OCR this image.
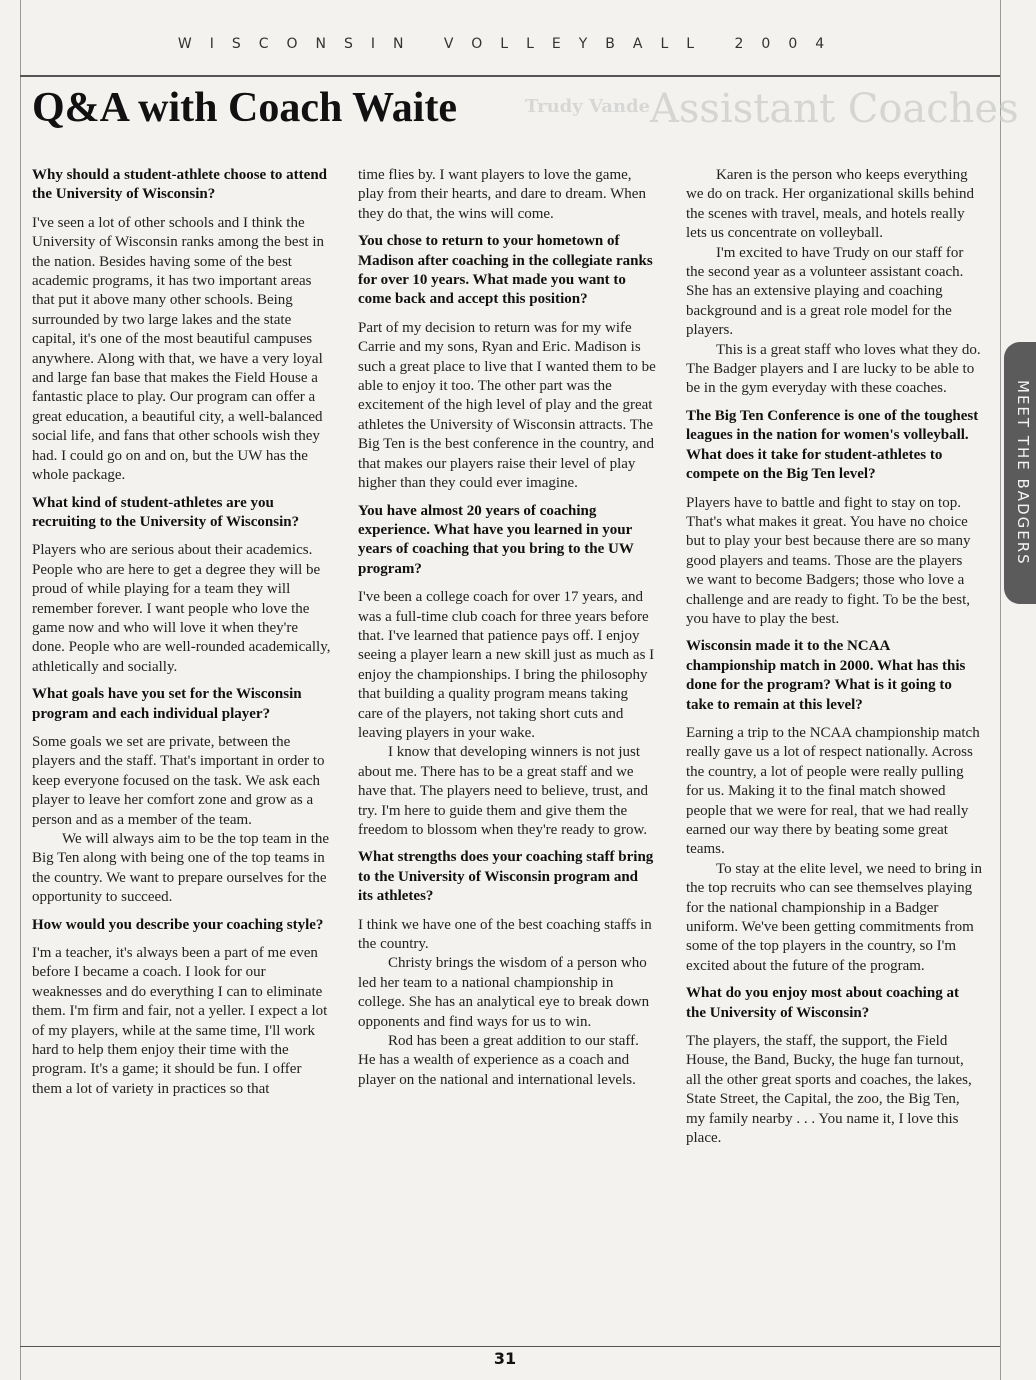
WISCONSIN VOLLEYBALL 2004
Trudy Vande Assistant Coaches
Q&A with Coach Waite

Why should a student-athlete choose to attend the University of Wisconsin?

I've seen a lot of other schools and I think the University of Wisconsin ranks among the best in the nation. Besides having some of the best academic programs, it has two important areas that put it above many other schools. Being surrounded by two large lakes and the state capital, it's one of the most beautiful campuses anywhere. Along with that, we have a very loyal and large fan base that makes the Field House a fantastic place to play. Our program can offer a great education, a beautiful city, a well-balanced social life, and fans that other schools wish they had. I could go on and on, but the UW has the whole package.

What kind of student-athletes are you recruiting to the University of Wisconsin?

Players who are serious about their academics. People who are here to get a degree they will be proud of while playing for a team they will remember forever. I want people who love the game now and who will love it when they're done. People who are well-rounded academically, athletically and socially.

What goals have you set for the Wisconsin program and each individual player?

Some goals we set are private, between the players and the staff. That's important in order to keep everyone focused on the task. We ask each player to leave her comfort zone and grow as a person and as a member of the team.

We will always aim to be the top team in the Big Ten along with being one of the top teams in the country. We want to prepare ourselves for the opportunity to succeed.

How would you describe your coaching style?

I'm a teacher, it's always been a part of me even before I became a coach. I look for our weaknesses and do everything I can to eliminate them. I'm firm and fair, not a yeller. I expect a lot of my players, while at the same time, I'll work hard to help them enjoy their time with the program. It's a game; it should be fun. I offer them a lot of variety in practices so that

time flies by. I want players to love the game, play from their hearts, and dare to dream. When they do that, the wins will come.

You chose to return to your hometown of Madison after coaching in the collegiate ranks for over 10 years. What made you want to come back and accept this position?

Part of my decision to return was for my wife Carrie and my sons, Ryan and Eric. Madison is such a great place to live that I wanted them to be able to enjoy it too. The other part was the excitement of the high level of play and the great athletes the University of Wisconsin attracts. The Big Ten is the best conference in the country, and that makes our players raise their level of play higher than they could ever imagine.

You have almost 20 years of coaching experience. What have you learned in your years of coaching that you bring to the UW program?

I've been a college coach for over 17 years, and was a full-time club coach for three years before that. I've learned that patience pays off. I enjoy seeing a player learn a new skill just as much as I enjoy the championships. I bring the philosophy that building a quality program means taking care of the players, not taking short cuts and leaving players in your wake.

I know that developing winners is not just about me. There has to be a great staff and we have that. The players need to believe, trust, and try. I'm here to guide them and give them the freedom to blossom when they're ready to grow.

What strengths does your coaching staff bring to the University of Wisconsin program and its athletes?

I think we have one of the best coaching staffs in the country.

Christy brings the wisdom of a person who led her team to a national championship in college. She has an analytical eye to break down opponents and find ways for us to win.

Rod has been a great addition to our staff. He has a wealth of experience as a coach and player on the national and international levels.

Karen is the person who keeps everything we do on track. Her organizational skills behind the scenes with travel, meals, and hotels really lets us concentrate on volleyball.

I'm excited to have Trudy on our staff for the second year as a volunteer assistant coach. She has an extensive playing and coaching background and is a great role model for the players.

This is a great staff who loves what they do. The Badger players and I are lucky to be able to be in the gym everyday with these coaches.

The Big Ten Conference is one of the toughest leagues in the nation for women's volleyball. What does it take for student-athletes to compete on the Big Ten level?

Players have to battle and fight to stay on top. That's what makes it great. You have no choice but to play your best because there are so many good players and teams. Those are the players we want to become Badgers; those who love a challenge and are ready to fight. To be the best, you have to play the best.

Wisconsin made it to the NCAA championship match in 2000. What has this done for the program? What is it going to take to remain at this level?

Earning a trip to the NCAA championship match really gave us a lot of respect nationally. Across the country, a lot of people were really pulling for us. Making it to the final match showed people that we were for real, that we had really earned our way there by beating some great teams.

To stay at the elite level, we need to bring in the top recruits who can see themselves playing for the national championship in a Badger uniform. We've been getting commitments from some of the top players in the country, so I'm excited about the future of the program.

What do you enjoy most about coaching at the University of Wisconsin?

The players, the staff, the support, the Field House, the Band, Bucky, the huge fan turnout, all the other great sports and coaches, the lakes, State Street, the Capital, the zoo, the Big Ten, my family nearby . . . You name it, I love this place.

MEET THE BADGERS
31
